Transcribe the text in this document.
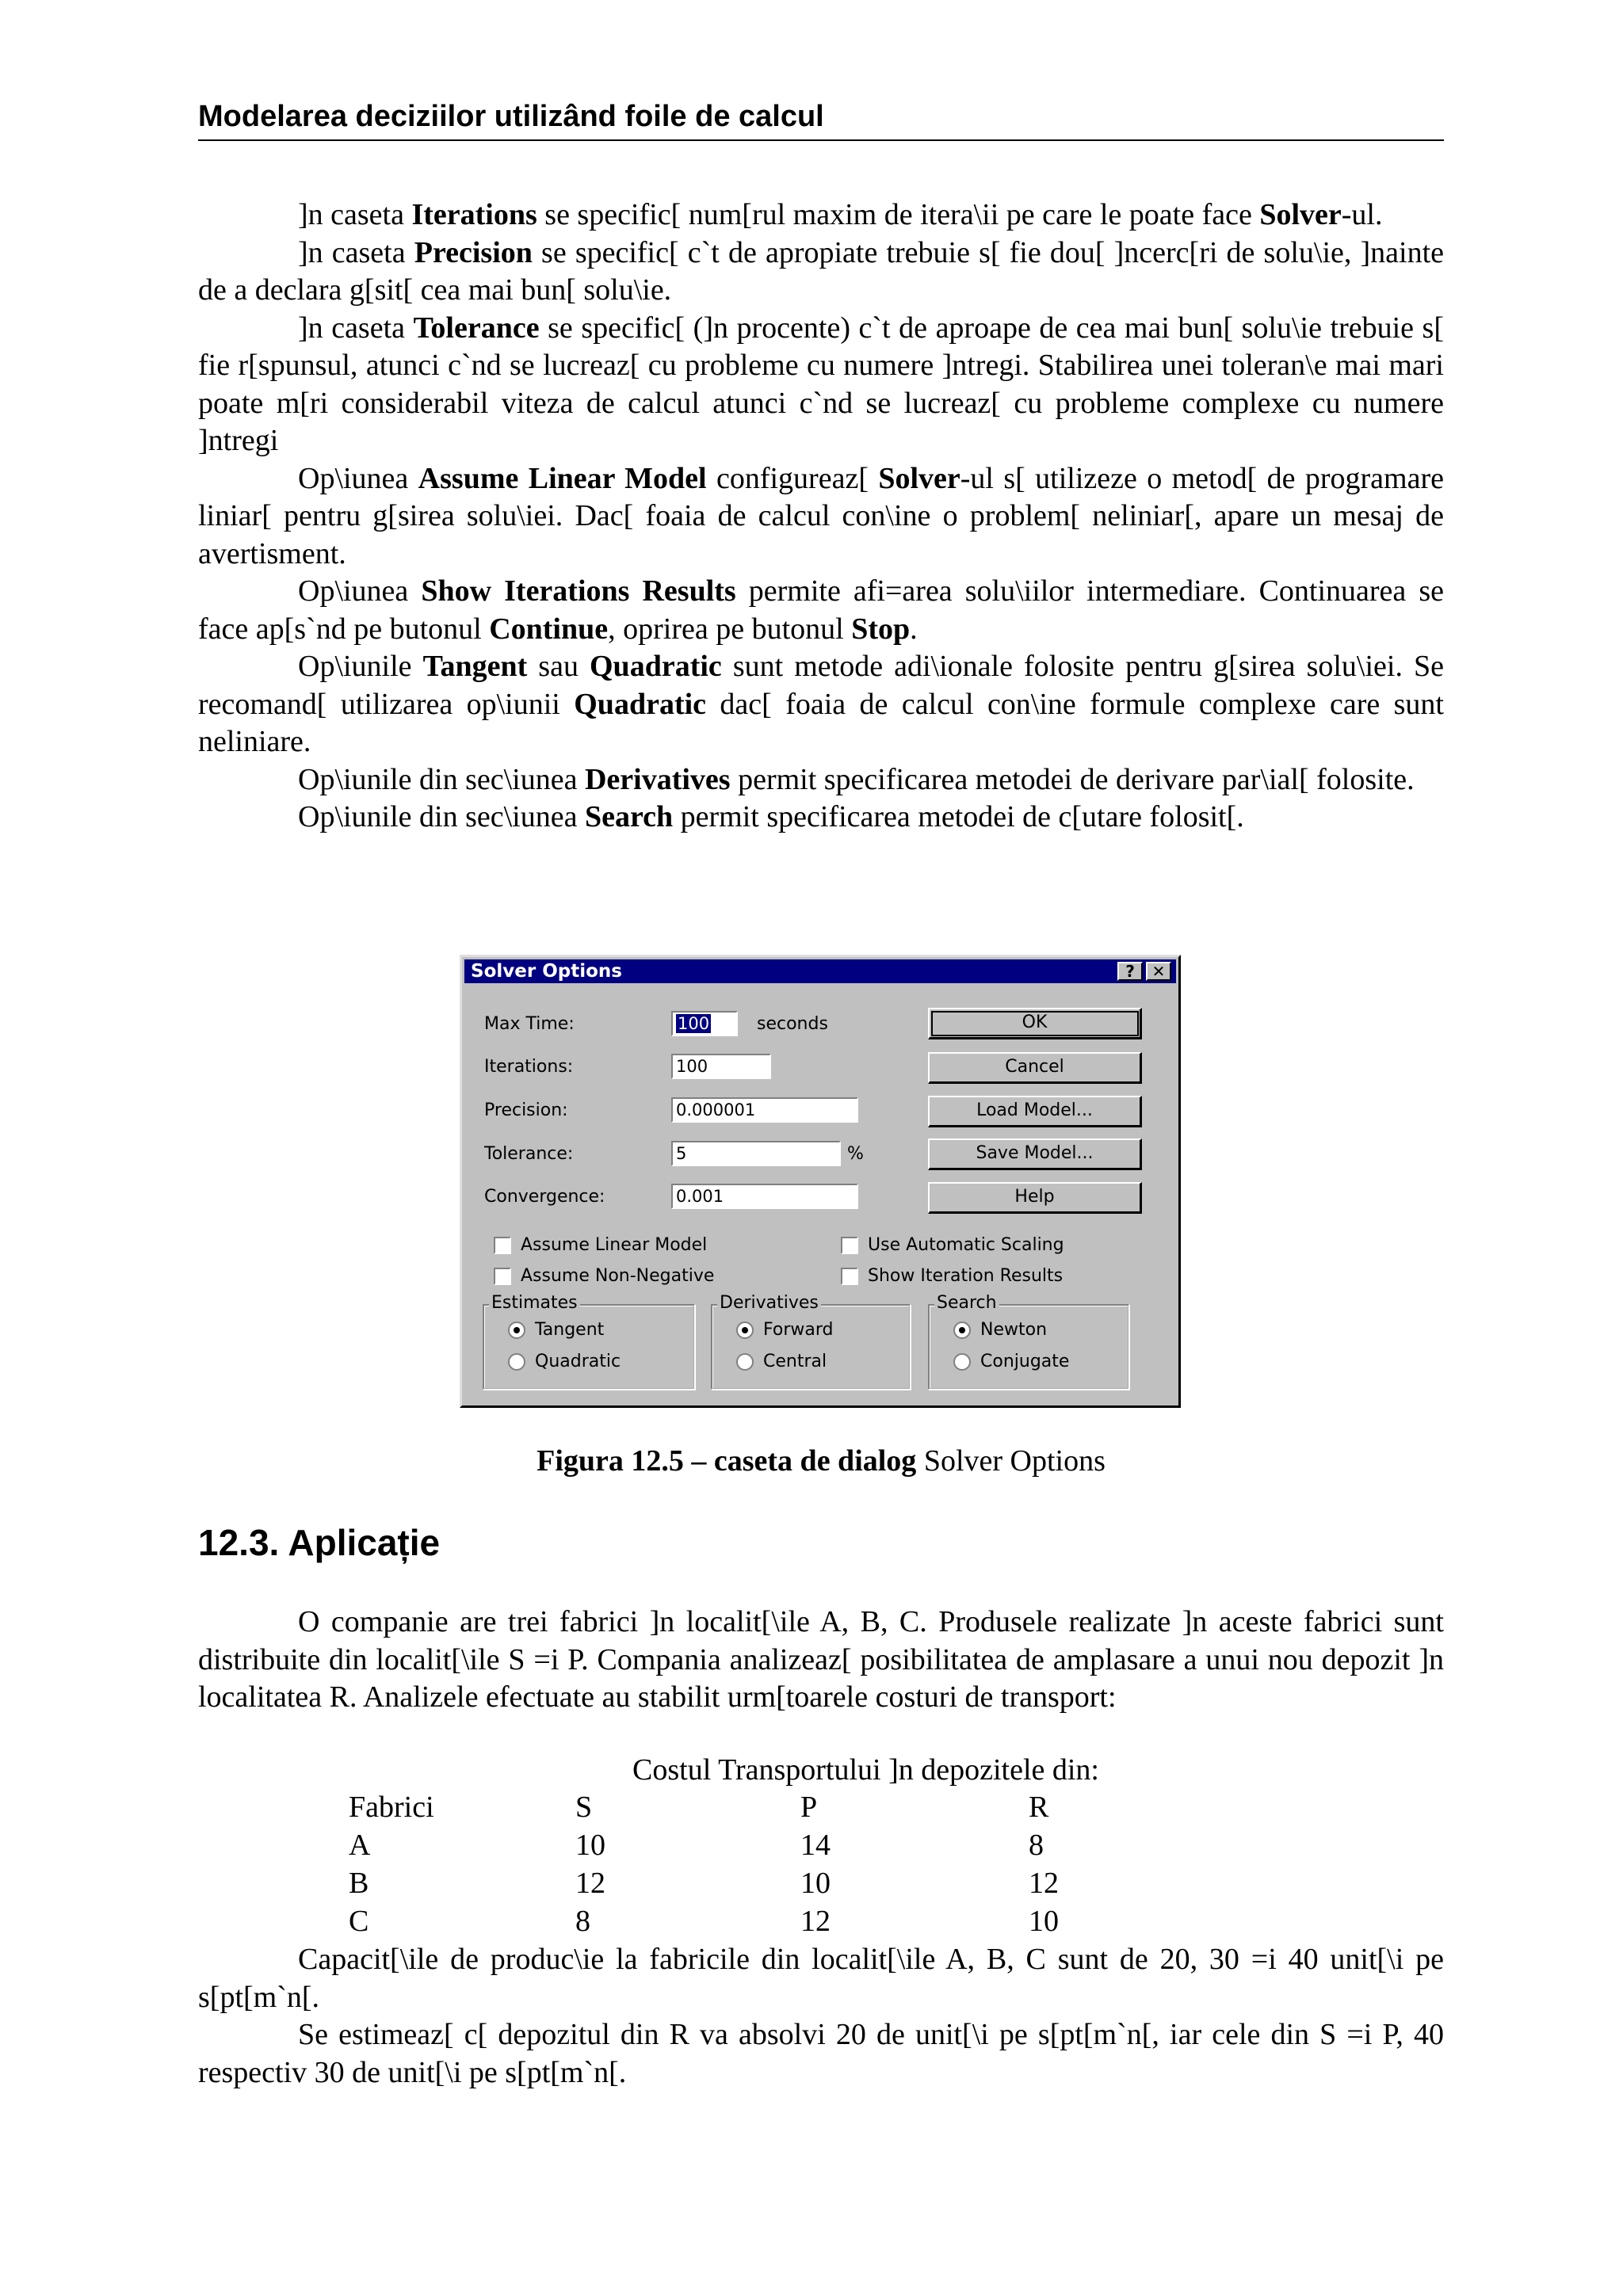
Modelarea deciziilor utilizând foile de calcul

]n caseta Iterations se specific[ num[rul maxim de itera\ii pe care le poate face Solver-ul.

]n caseta Precision se specific[ c`t de apropiate trebuie s[ fie dou[ ]ncerc[ri de solu\ie, ]nainte de a declara g[sit[ cea mai bun[ solu\ie.

]n caseta Tolerance se specific[ (]n procente) c`t de aproape de cea mai bun[ solu\ie trebuie s[ fie r[spunsul, atunci c`nd se lucreaz[ cu probleme cu numere ]ntregi. Stabilirea unei toleran\e mai mari poate m[ri considerabil viteza de calcul atunci c`nd se lucreaz[ cu probleme complexe cu numere ]ntregi

Op\iunea Assume Linear Model configureaz[ Solver-ul s[ utilizeze o metod[ de programare liniar[ pentru g[sirea solu\iei. Dac[ foaia de calcul con\ine o problem[ neliniar[, apare un mesaj de avertisment.

Op\iunea Show Iterations Results permite afi=area solu\iilor intermediare. Continuarea se face ap[s`nd pe butonul Continue, oprirea pe butonul Stop.

Op\iunile Tangent sau Quadratic sunt metode adi\ionale folosite pentru g[sirea solu\iei. Se recomand[ utilizarea op\iunii Quadratic dac[ foaia de calcul con\ine formule complexe care sunt neliniare.

Op\iunile din sec\iunea Derivatives permit specificarea metodei de derivare par\ial[ folosite.

Op\iunile din sec\iunea Search permit specificarea metodei de c[utare folosit[.

Solver Options	?	✕
Max Time:	100	seconds
Iterations:	100
Precision:	0.000001
Tolerance:	5	%
Convergence:	0.001
OK
Cancel
Load Model...
Save Model...
Help
Assume Linear Model
Assume Non-Negative
Use Automatic Scaling
Show Iteration Results
Estimates
Tangent
Quadratic
Derivatives
Forward
Central
Search
Newton
Conjugate
Figura 12.5 – caseta de dialog Solver Options
12.3. Aplicație

O companie are trei fabrici ]n localit[\ile A, B, C. Produsele realizate ]n aceste fabrici sunt distribuite din localit[\ile S =i P. Compania analizeaz[ posibilitatea de amplasare a unui nou depozit ]n localitatea R. Analizele efectuate au stabilit urm[toarele costuri de transport:

Costul Transportului ]n depozitele din:
Fabrici	S	P	R
A	10	14	8
B	12	10	12
C	8	12	10

Capacit[\ile de produc\ie la fabricile din localit[\ile A, B, C sunt de 20, 30 =i 40 unit[\i pe s[pt[m`n[.

Se estimeaz[ c[ depozitul din R va absolvi 20 de unit[\i pe s[pt[m`n[, iar cele din S =i P, 40 respectiv 30 de unit[\i pe s[pt[m`n[.
